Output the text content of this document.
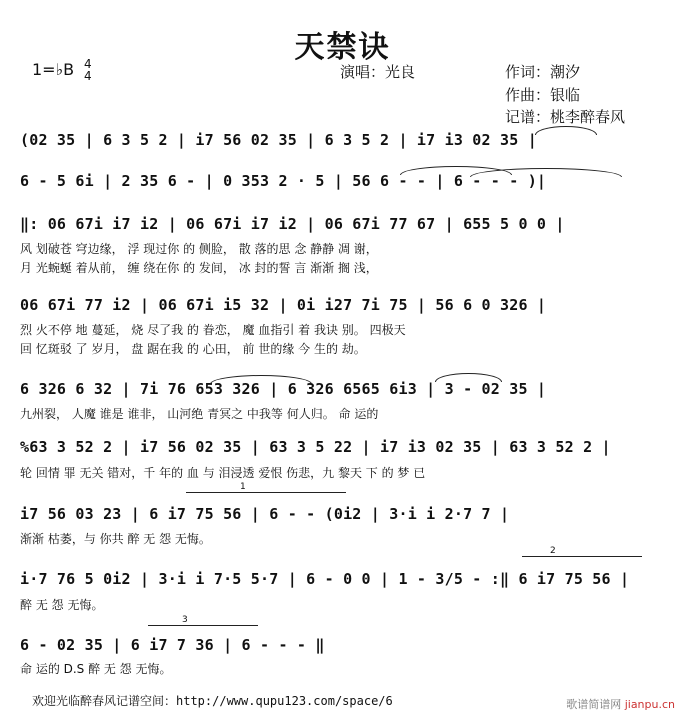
天禁诀
1=♭B 4
4	演唱：光良	作词：潮汐
作曲：银临
记谱：桃李醉春风
(02 35 | 6 3 5 2 | i7 56 02 35 | 6 3 5 2 | i7 i3 02 35 |
6 - 5 6i | 2 35 6 - | 0 353 2 · 5 | 56 6 - - | 6 - - - )|
‖: 06 67i i7 i2 | 06 67i i7 i2 | 06 67i 77 67 | 655 5 0 0 |
风 划破苍 穹边缘， 浮 现过你 的 侧脸， 散 落的思 念 静静 凋 谢，
月 光蜿蜒 着从前， 缠 绕在你 的 发间， 冰 封的誓 言 渐渐 搁 浅，
06 67i 77 i2 | 06 67i i5 32 | 0i i27 7i 75 | 56 6 0 326 |
烈 火不停 地 蔓延， 烧 尽了我 的 眷恋， 魔 血指引 着 我诀 别。 四极天
回 忆斑驳 了 岁月， 盘 踞在我 的 心田， 前 世的缘 今 生的 劫。
6 326 6 32 | 7i 76 653 326 | 6 326 6565 6i3 | 3 - 02 35 |
九州裂， 人魔 谁是 谁非， 山河绝 青冥之 中我等 何人归。 命 运的
%63 3 52 2 | i7 56 02 35 | 63 3 5 22 | i7 i3 02 35 | 63 3 52 2 |
轮 回情 罪 无关 错对，千 年的 血 与 泪浸透 爱恨 伤悲，九 黎天 下 的 梦 已
i7 56 03 23 | 6 i7 75 56 | 6 - - (0i2 | 3·i i 2·7 7 |
渐渐 枯萎，与 你共 醉 无 怨 无悔。
i·7 76 5 0i2 | 3·i i 7·5 5·7 | 6 - 0 0 | 1 - 3/5 - :‖ 6 i7 75 56 |
醉 无 怨 无悔。
6 - 02 35 | 6 i7 7 36 | 6 - - - ‖
命 运的 D.S 醉 无 怨 无悔。
1
2
3
欢迎光临醉春风记谱空间：http://www.qupu123.com/space/6	歌谱简谱网 jianpu.cn
